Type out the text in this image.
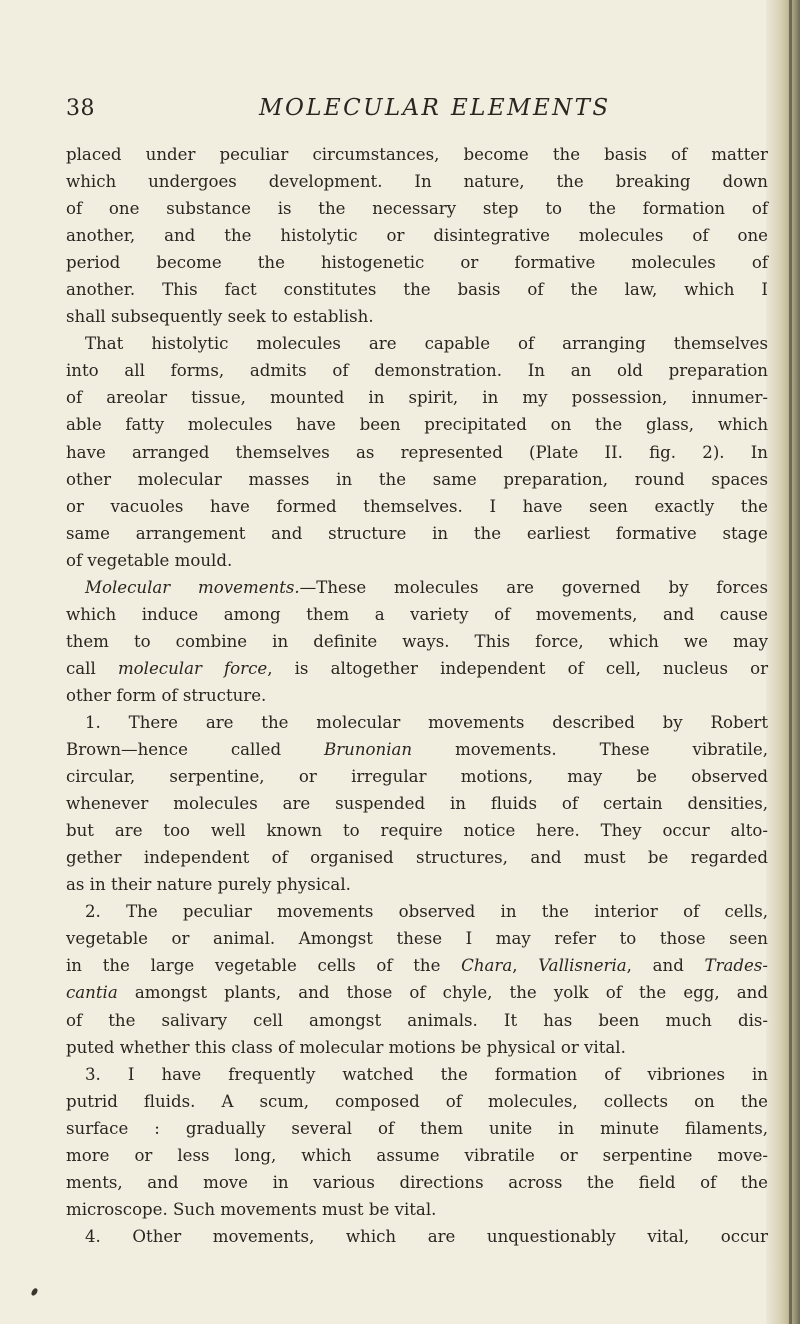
38	MOLECULAR ELEMENTS
placed under peculiar circumstances, become the basis of matter
which undergoes development. In nature, the breaking down
of one substance is the necessary step to the formation of
another, and the histolytic or disintegrative molecules of one
period become the histogenetic or formative molecules of
another. This fact constitutes the basis of the law, which I
shall subsequently seek to establish.
That histolytic molecules are capable of arranging themselves
into all forms, admits of demonstration. In an old preparation
of areolar tissue, mounted in spirit, in my possession, innumer-
able fatty molecules have been precipitated on the glass, which
have arranged themselves as represented (Plate II. fig. 2). In
other molecular masses in the same preparation, round spaces
or vacuoles have formed themselves. I have seen exactly the
same arrangement and structure in the earliest formative stage
of vegetable mould.
Molecular movements.—These molecules are governed by forces
which induce among them a variety of movements, and cause
them to combine in definite ways. This force, which we may
call molecular force, is altogether independent of cell, nucleus or
other form of structure.
1. There are the molecular movements described by Robert
Brown—hence called Brunonian movements. These vibratile,
circular, serpentine, or irregular motions, may be observed
whenever molecules are suspended in fluids of certain densities,
but are too well known to require notice here. They occur alto-
gether independent of organised structures, and must be regarded
as in their nature purely physical.
2. The peculiar movements observed in the interior of cells,
vegetable or animal. Amongst these I may refer to those seen
in the large vegetable cells of the Chara, Vallisneria, and Trades-
cantia amongst plants, and those of chyle, the yolk of the egg, and
of the salivary cell amongst animals. It has been much dis-
puted whether this class of molecular motions be physical or vital.
3. I have frequently watched the formation of vibriones in
putrid fluids. A scum, composed of molecules, collects on the
surface : gradually several of them unite in minute filaments,
more or less long, which assume vibratile or serpentine move-
ments, and move in various directions across the field of the
microscope. Such movements must be vital.
4. Other movements, which are unquestionably vital, occur
